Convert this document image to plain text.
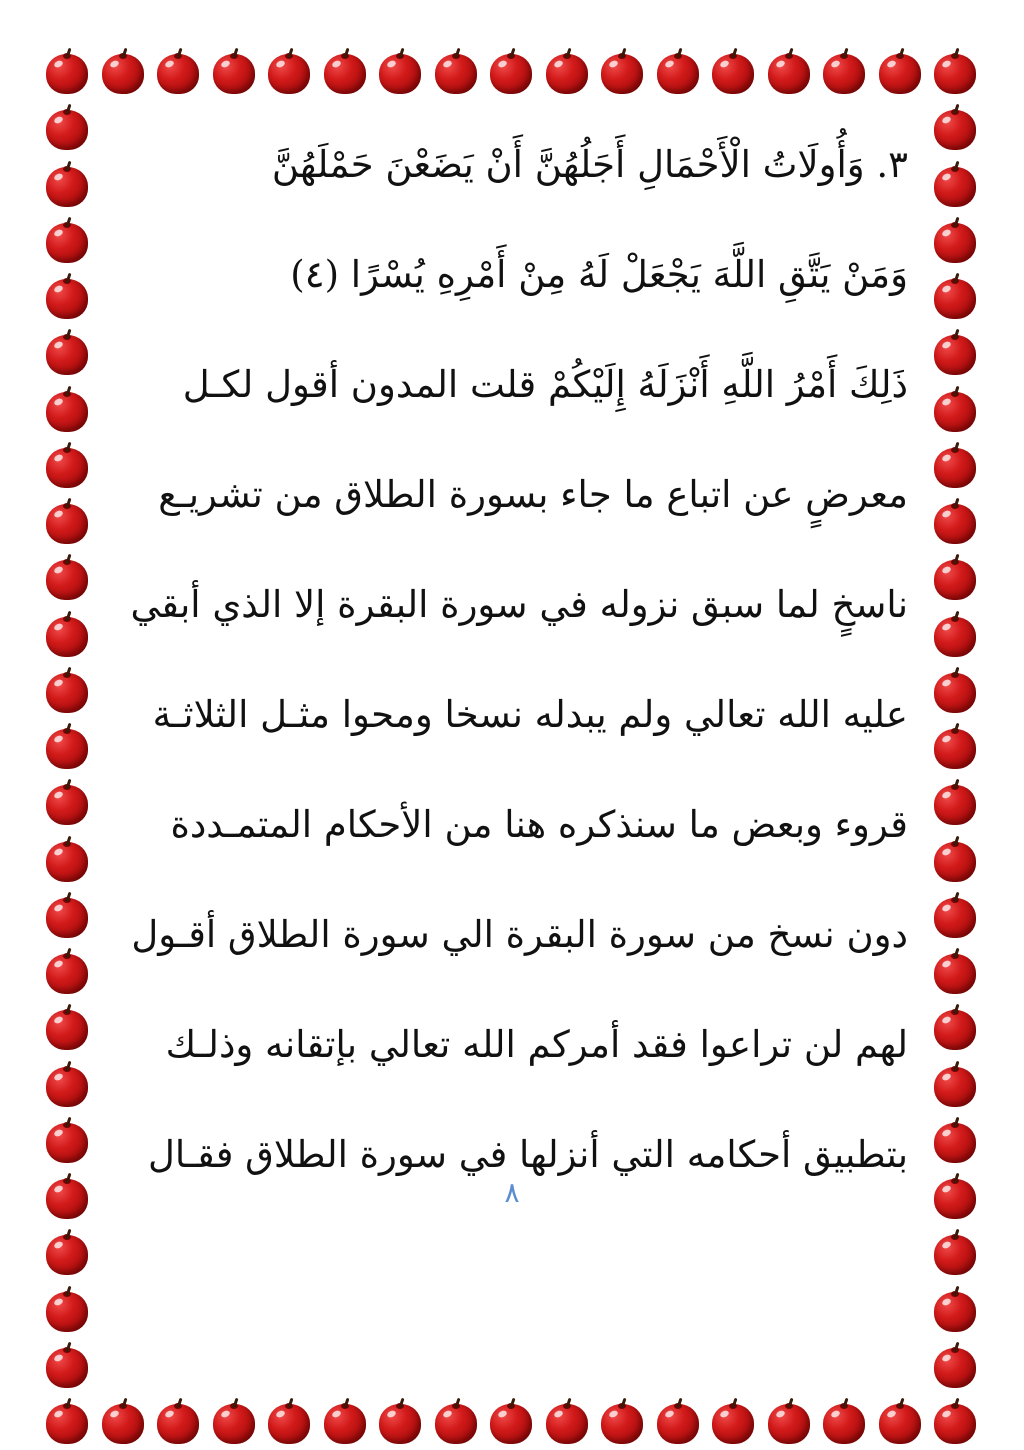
٣. وَأُولَاتُ الْأَحْمَالِ أَجَلُهُنَّ أَنْ يَضَعْنَ حَمْلَهُنَّ
وَمَنْ يَتَّقِ اللَّهَ يَجْعَلْ لَهُ مِنْ أَمْرِهِ يُسْرًا (٤)
ذَلِكَ أَمْرُ اللَّهِ أَنْزَلَهُ إِلَيْكُمْ قلت المدون أقول لكـل
معرضٍ عن اتباع ما جاء بسورة الطلاق من تشريـع
ناسخٍ لما سبق نزوله في سورة البقرة إلا الذي أبقي
عليه الله تعالي ولم يبدله نسخا ومحوا مثـل الثلاثـة
قروء وبعض ما سنذكره هنا من الأحكام المتمـددة
دون نسخ من سورة البقرة الي سورة الطلاق أقـول
لهم لن تراعوا فقد أمركم الله تعالي بإتقانه وذلـك
بتطبيق أحكامه التي أنزلها في سورة الطلاق فقـال
٨
